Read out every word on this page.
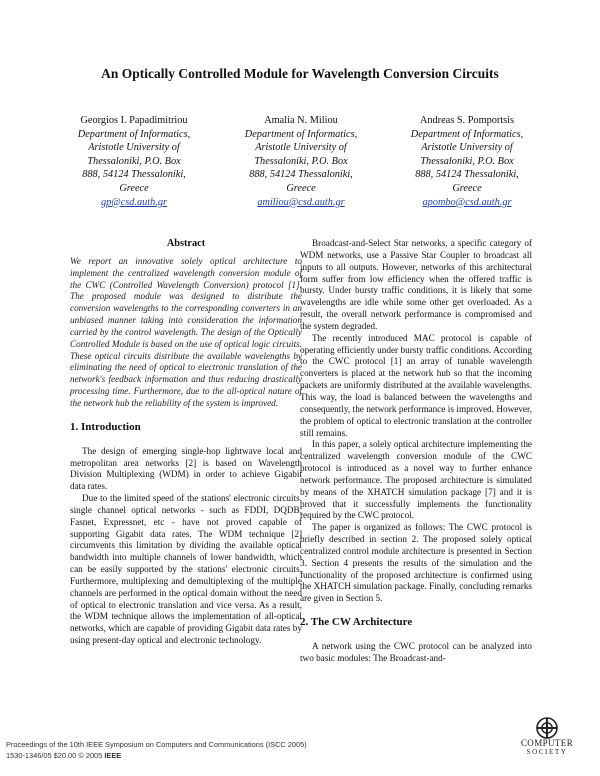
An Optically Controlled Module for Wavelength Conversion Circuits
Georgios I. Papadimitriou
Department of Informatics,
Aristotle University of
Thessaloniki, P.O. Box
888, 54124 Thessaloniki,
Greece
gp@csd.auth.gr
Amalia N. Miliou
Department of Informatics,
Aristotle University of
Thessaloniki, P.O. Box
888, 54124 Thessaloniki,
Greece
amiliou@csd.auth.gr
Andreas S. Pomportsis
Department of Informatics,
Aristotle University of
Thessaloniki, P.O. Box
888, 54124 Thessaloniki,
Greece
apombo@csd.auth.gr
Abstract

We report an innovative solely optical architecture to implement the centralized wavelength conversion module of the CWC (Controlled Wavelength Conversion) protocol [1]. The proposed module was designed to distribute the conversion wavelengths to the corresponding converters in an unbiased manner taking into consideration the information carried by the control wavelength. The design of the Optically Controlled Module is based on the use of optical logic circuits. These optical circuits distribute the available wavelengths by eliminating the need of optical to electronic translation of the network's feedback information and thus reducing drastically processing time. Furthermore, due to the all-optical nature of the network hub the reliability of the system is improved.

1. Introduction

The design of emerging single-hop lightwave local and metropolitan area networks [2] is based on Wavelength Division Multiplexing (WDM) in order to achieve Gigabit data rates.

Due to the limited speed of the stations' electronic circuits, single channel optical networks - such as FDDI, DQDB, Fasnet, Expressnet, etc - have not proved capable of supporting Gigabit data rates. The WDM technique [2] circumvents this limitation by dividing the available optical bandwidth into multiple channels of lower bandwidth, which can be easily supported by the stations' electronic circuits. Furthermore, multiplexing and demultiplexing of the multiple channels are performed in the optical domain without the need of optical to electronic translation and vice versa. As a result, the WDM technique allows the implementation of all-optical networks, which are capable of providing Gigabit data rates by using present-day optical and electronic technology.

Broadcast-and-Select Star networks, a specific category of WDM networks, use a Passive Star Coupler to broadcast all inputs to all outputs. However, networks of this architectural form suffer from low efficiency when the offered traffic is bursty. Under bursty traffic conditions, it is likely that some wavelengths are idle while some other get overloaded. As a result, the overall network performance is compromised and the system degraded.

The recently introduced MAC protocol is capable of operating efficiently under bursty traffic conditions. According to the CWC protocol [1] an array of tunable wavelength converters is placed at the network hub so that the incoming packets are uniformly distributed at the available wavelengths. This way, the load is balanced between the wavelengths and consequently, the network performance is improved. However, the problem of optical to electronic translation at the controller still remains.

In this paper, a solely optical architecture implementing the centralized wavelength conversion module of the CWC protocol is introduced as a novel way to further enhance network performance. The proposed architecture is simulated by means of the XHATCH simulation package [7] and it is proved that it successfully implements the functionality required by the CWC protocol.

The paper is organized as follows: The CWC protocol is briefly described in section 2. The proposed solely optical centralized control module architecture is presented in Section 3. Section 4 presents the results of the simulation and the functionality of the proposed architecture is confirmed using the XHATCH simulation package. Finally, concluding remarks are given in Section 5.

2. The CW Architecture

A network using the CWC protocol can be analyzed into two basic modules: The Broadcast-and-

Proceedings of the 10th IEEE Symposium on Computers and Communications (ISCC 2005)
1530-1346/05 $20.00 © 2005 IEEE
COMPUTER
SOCIETY
